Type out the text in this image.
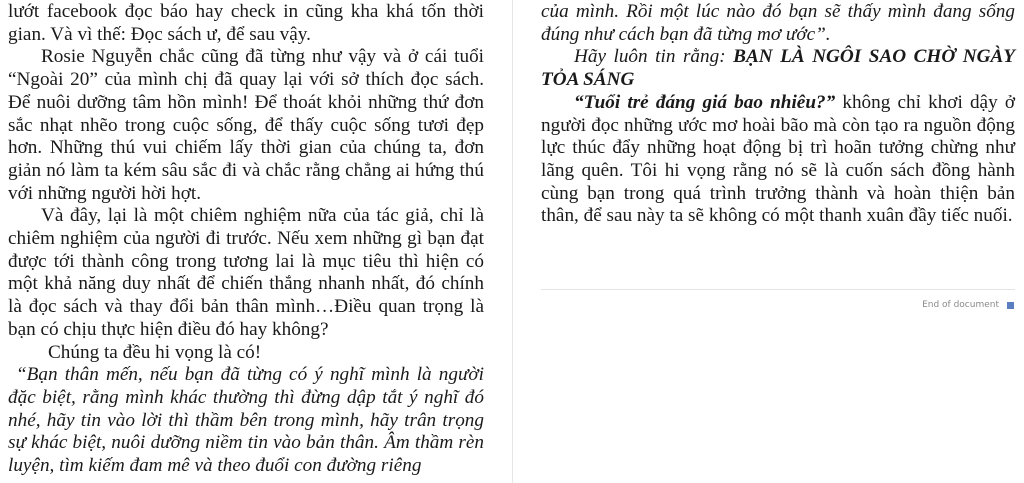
lướt facebook đọc báo hay check in cũng kha khá tốn thời gian. Và vì thế: Đọc sách ư, để sau vậy.

Rosie Nguyễn chắc cũng đã từng như vậy và ở cái tuổi “Ngoài 20” của mình chị đã quay lại với sở thích đọc sách. Để nuôi dưỡng tâm hồn mình! Để thoát khỏi những thứ đơn sắc nhạt nhẽo trong cuộc sống, để thấy cuộc sống tươi đẹp hơn. Những thú vui chiếm lấy thời gian của chúng ta, đơn giản nó làm ta kém sâu sắc đi và chắc rằng chẳng ai hứng thú với những người hời hợt.

Và đây, lại là một chiêm nghiệm nữa của tác giả, chỉ là chiêm nghiệm của người đi trước. Nếu xem những gì bạn đạt được tới thành công trong tương lai là mục tiêu thì hiện có một khả năng duy nhất để chiến thắng nhanh nhất, đó chính là đọc sách và thay đổi bản thân mình…Điều quan trọng là bạn có chịu thực hiện điều đó hay không?

Chúng ta đều hi vọng là có!

“Bạn thân mến, nếu bạn đã từng có ý nghĩ mình là người đặc biệt, rằng mình khác thường thì đừng dập tắt ý nghĩ đó nhé, hãy tin vào lời thì thầm bên trong mình, hãy trân trọng sự khác biệt, nuôi dưỡng niềm tin vào bản thân. Âm thầm rèn luyện, tìm kiếm đam mê và theo đuổi con đường riêng

của mình. Rồi một lúc nào đó bạn sẽ thấy mình đang sống đúng như cách bạn đã từng mơ ước”.

Hãy luôn tin rằng: BẠN LÀ NGÔI SAO CHỜ NGÀY TỎA SÁNG

“Tuổi trẻ đáng giá bao nhiêu?” không chỉ khơi dậy ở người đọc những ước mơ hoài bão mà còn tạo ra nguồn động lực thúc đẩy những hoạt động bị trì hoãn tưởng chừng như lãng quên. Tôi hi vọng rằng nó sẽ là cuốn sách đồng hành cùng bạn trong quá trình trưởng thành và hoàn thiện bản thân, để sau này ta sẽ không có một thanh xuân đầy tiếc nuối.

End of document
